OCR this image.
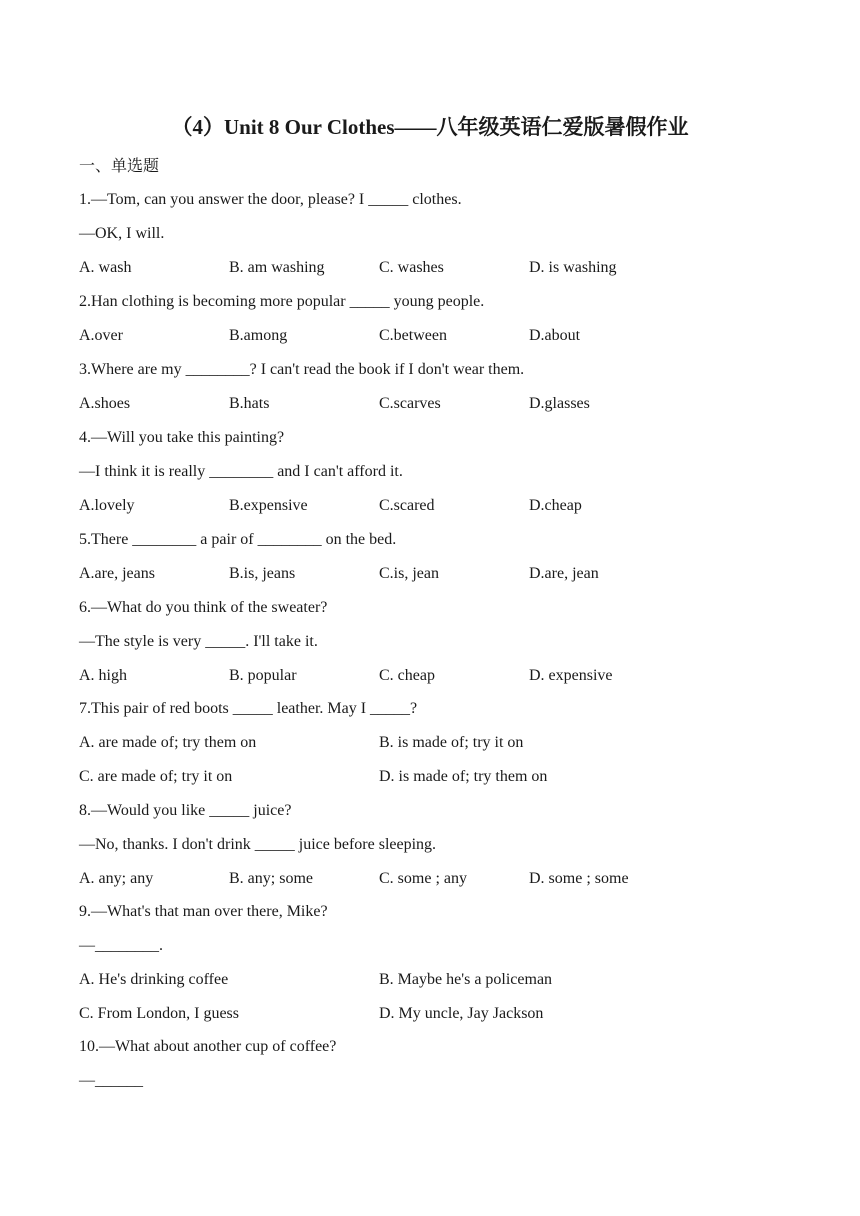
（4）Unit 8 Our Clothes——八年级英语仁爱版暑假作业
一、单选题
1.—Tom, can you answer the door, please? I _____ clothes.
—OK, I will.
A. wash	B. am washing	C. washes	D. is washing
2.Han clothing is becoming more popular _____ young people.
A.over	B.among	C.between	D.about
3.Where are my ________? I can't read the book if I don't wear them.
A.shoes	B.hats	C.scarves	D.glasses
4.—Will you take this painting?
—I think it is really ________ and I can't afford it.
A.lovely	B.expensive	C.scared	D.cheap
5.There ________ a pair of ________ on the bed.
A.are, jeans	B.is, jeans	C.is, jean	D.are, jean
6.—What do you think of the sweater?
—The style is very _____. I'll take it.
A. high	B. popular	C. cheap	D. expensive
7.This pair of red boots _____ leather. May I _____?
A. are made of; try them on	B. is made of; try it on
C. are made of; try it on	D. is made of; try them on
8.—Would you like _____ juice?
—No, thanks. I don't drink _____ juice before sleeping.
A. any; any	B. any; some	C. some ; any	D. some ; some
9.—What's that man over there, Mike?
—________.
A. He's drinking coffee	B. Maybe he's a policeman
C. From London, I guess	D. My uncle, Jay Jackson
10.—What about another cup of coffee?
—______
